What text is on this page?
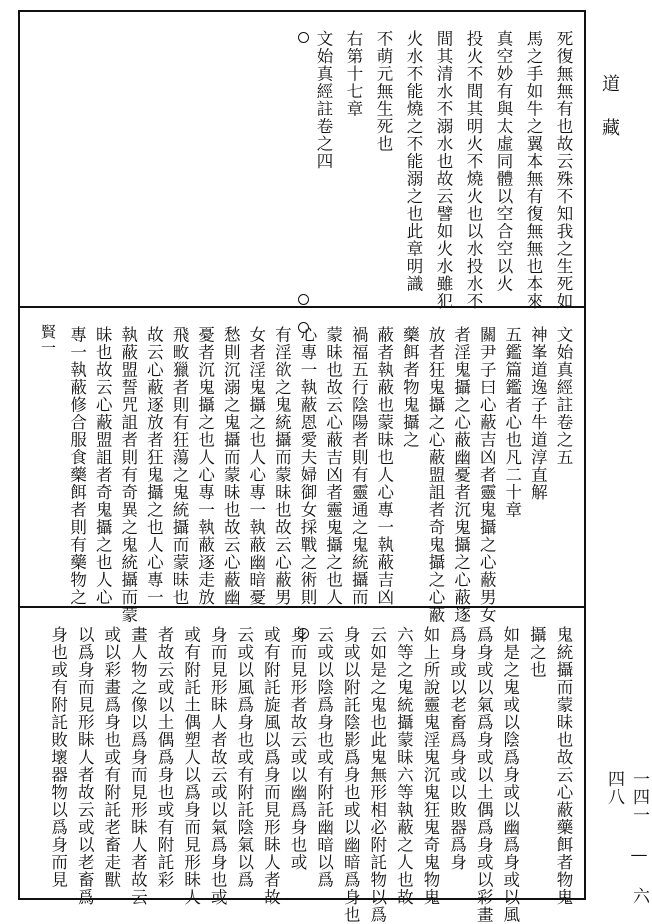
死復無無有也故云殊不知我之生死如
馬之手如牛之翼本無有復無無也本來
真空妙有與太虛同體以空合空以火
投火不間其明火不燒火也以水投水不
間其清水不溺水也故云譬如火水雖犯
火水不能燒之不能溺之也此章明識
不萌元無生死也
右第十七章
文始真經註卷之四
賢一	文始真經註卷之五
神峯道逸子牛道淳直解
五鑑篇鑑者心也凡二十章
關尹子曰心蔽吉凶者靈鬼攝之心蔽男女
者淫鬼攝之心蔽幽憂者沉鬼攝之心蔽逐
放者狂鬼攝之心蔽盟詛者奇鬼攝之心蔽
藥餌者物鬼攝之
蔽者執蔽也蒙昧也人心專一執蔽吉凶
禍福五行陰陽者則有靈通之鬼統攝而
蒙昧也故云心蔽吉凶者靈鬼攝之也人
心專一執蔽恩愛夫婦御女採戰之術則
有淫欲之鬼統攝而蒙昧也故云心蔽男
女者淫鬼攝之也人心專一執蔽幽暗憂
愁則沉溺之鬼攝而蒙昧也故云心蔽幽
憂者沉鬼攝之也人心專一執蔽逐走放
飛畋獵者則有狂蕩之鬼統攝而蒙昧也
故云心蔽逐放者狂鬼攝之也人心專一
執蔽盟誓咒詛者則有奇異之鬼統攝而蒙
昧也故云心蔽盟詛者奇鬼攝之也人心
專一執蔽修合服食藥餌者則有藥物之
鬼統攝而蒙昧也故云心蔽藥餌者物鬼
攝之也
如是之鬼或以陰爲身或以幽爲身或以風
爲身或以氣爲身或以土偶爲身或以彩畫
爲身或以老畜爲身或以敗器爲身
如上所說靈鬼淫鬼沉鬼狂鬼奇鬼物鬼
六等之鬼統攝蒙昧六等執蔽之人也故
云如是之鬼也此鬼無形相必附託物以爲
身或以附託陰影爲身也或以幽暗爲身也
云或以陰爲身也或有附託幽暗以爲
身而見形者故云或以幽爲身也或
或有附託旋風以爲身而見形眛人者故
云或以風爲身也或有附託陰氣以爲
身而見形眛人者故云或以氣爲身也或
或有附託土偶塑人以爲身而見形眛人
者故云或以土偶爲身也或有附託彩
畫人物之像以爲身而見形眛人者故云
或以彩畫爲身也或有附託老畜走獸
以爲身而見形眛人者故云或以老畜爲
身也或有附託敗壞器物以爲身而見
道
藏
一四一 — 六四八
